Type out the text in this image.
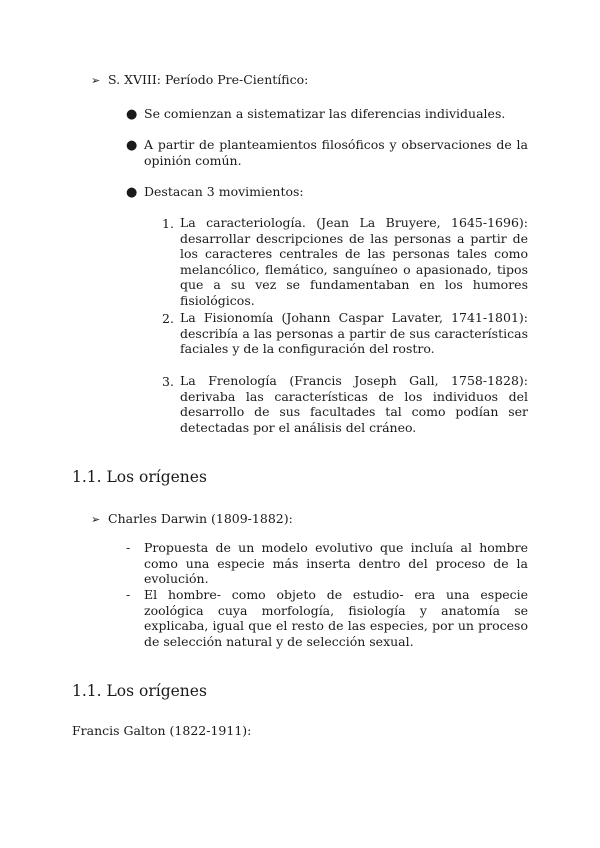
➢ S. XVIII: Período Pre-Científico:
● Se comienzan a sistematizar las diferencias individuales.
● A partir de planteamientos filosóficos y observaciones de la opinión común.
● Destacan 3 movimientos:
1. La caracteriología. (Jean La Bruyere, 1645-1696): desarrollar descripciones de las personas a partir de los caracteres centrales de las personas tales como melancólico, flemático, sanguíneo o apasionado, tipos que a su vez se fundamentaban en los humores fisiológicos.
2. La Fisionomía (Johann Caspar Lavater, 1741-1801): describía a las personas a partir de sus características faciales y de la configuración del rostro.
3. La Frenología (Francis Joseph Gall, 1758-1828): derivaba las características de los individuos del desarrollo de sus facultades tal como podían ser detectadas por el análisis del cráneo.
1.1. Los orígenes
➢ Charles Darwin (1809-1882):
- Propuesta de un modelo evolutivo que incluía al hombre como una especie más inserta dentro del proceso de la evolución.
- El hombre- como objeto de estudio- era una especie zoológica cuya morfología, fisiología y anatomía se explicaba, igual que el resto de las especies, por un proceso de selección natural y de selección sexual.
1.1. Los orígenes
Francis Galton (1822-1911):
